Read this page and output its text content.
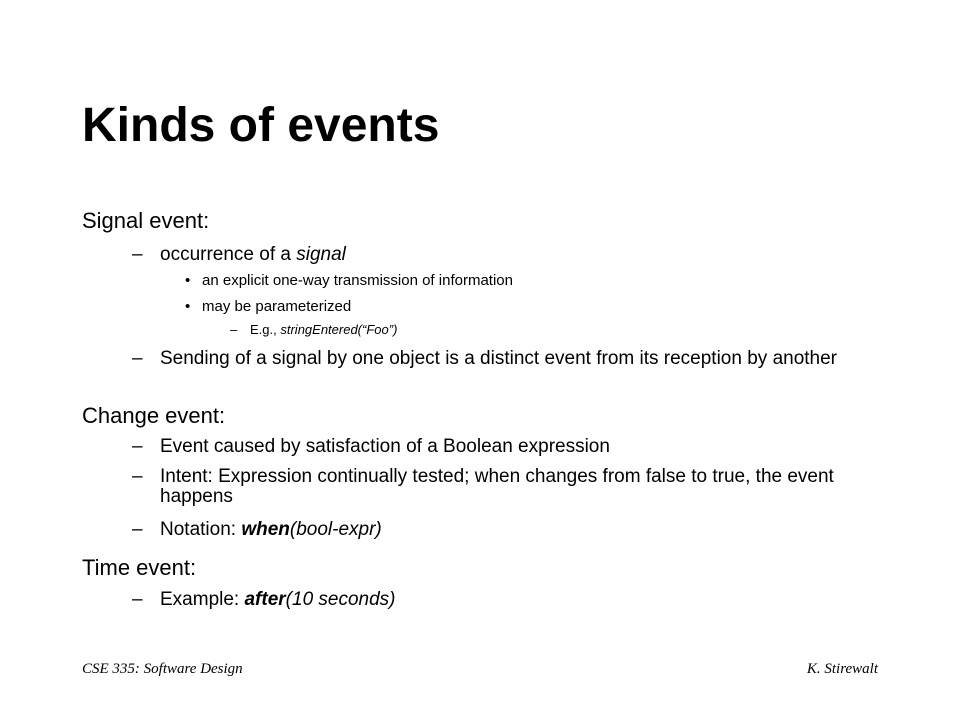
Kinds of events
Signal event:
– occurrence of a signal
• an explicit one-way transmission of information
• may be parameterized
– E.g., stringEntered(“Foo”)
– Sending of a signal by one object is a distinct event from its reception by another
Change event:
– Event caused by satisfaction of a Boolean expression
– Intent: Expression continually tested; when changes from false to true, the event happens
– Notation: when(bool-expr)
Time event:
– Example: after(10 seconds)
CSE 335: Software Design	K. Stirewalt
